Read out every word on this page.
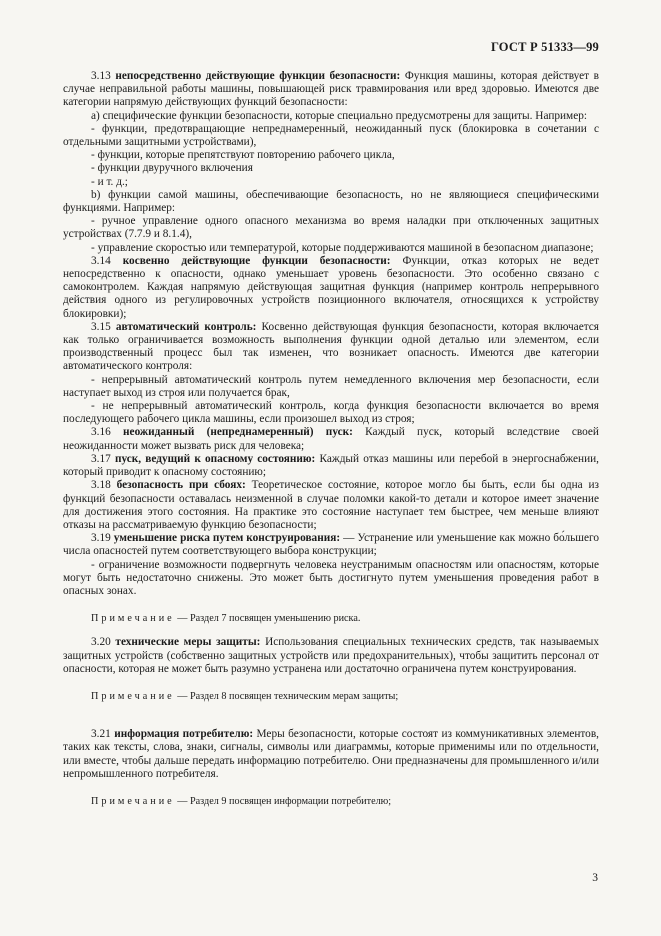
ГОСТ Р 51333—99

3.13 непосредственно действующие функции безопасности: Функция машины, которая действует в случае неправильной работы машины, повышающей риск травмирования или вред здоровью. Имеются две категории напрямую действующих функций безопасности:

а) специфические функции безопасности, которые специально предусмотрены для защиты. Например:

- функции, предотвращающие непреднамеренный, неожиданный пуск (блокировка в сочетании с отдельными защитными устройствами),

- функции, которые препятствуют повторению рабочего цикла,

- функции двуручного включения

- и т. д.;

b) функции самой машины, обеспечивающие безопасность, но не являющиеся специфическими функциями. Например:

- ручное управление одного опасного механизма во время наладки при отключенных защитных устройствах (7.7.9 и 8.1.4),

- управление скоростью или температурой, которые поддерживаются машиной в безопасном диапазоне;

3.14 косвенно действующие функции безопасности: Функции, отказ которых не ведет непосредственно к опасности, однако уменьшает уровень безопасности. Это особенно связано с самоконтролем. Каждая напрямую действующая защитная функция (например контроль непрерывного действия одного из регулировочных устройств позиционного включателя, относящихся к устройству блокировки);

3.15 автоматический контроль: Косвенно действующая функция безопасности, которая включается как только ограничивается возможность выполнения функции одной деталью или элементом, если производственный процесс был так изменен, что возникает опасность. Имеются две категории автоматического контроля:

- непрерывный автоматический контроль путем немедленного включения мер безопасности, если наступает выход из строя или получается брак,

- не непрерывный автоматический контроль, когда функция безопасности включается во время последующего рабочего цикла машины, если произошел выход из строя;

3.16 неожиданный (непреднамеренный) пуск: Каждый пуск, который вследствие своей неожиданности может вызвать риск для человека;

3.17 пуск, ведущий к опасному состоянию: Каждый отказ машины или перебой в энергоснабжении, который приводит к опасному состоянию;

3.18 безопасность при сбоях: Теоретическое состояние, которое могло бы быть, если бы одна из функций безопасности оставалась неизменной в случае поломки какой-то детали и которое имеет значение для достижения этого состояния. На практике это состояние наступает тем быстрее, чем меньше влияют отказы на рассматриваемую функцию безопасности;

3.19 уменьшение риска путем конструирования: — Устранение или уменьшение как можно бо́льшего числа опасностей путем соответствующего выбора конструкции;

- ограничение возможности подвергнуть человека неустранимым опасностям или опасностям, которые могут быть недостаточно снижены. Это может быть достигнуто путем уменьшения проведения работ в опасных зонах.

Примечание — Раздел 7 посвящен уменьшению риска.

3.20 технические меры защиты: Использования специальных технических средств, так называемых защитных устройств (собственно защитных устройств или предохранительных), чтобы защитить персонал от опасности, которая не может быть разумно устранена или достаточно ограничена путем конструирования.

Примечание — Раздел 8 посвящен техническим мерам защиты;

3.21 информация потребителю: Меры безопасности, которые состоят из коммуникативных элементов, таких как тексты, слова, знаки, сигналы, символы или диаграммы, которые применимы или по отдельности, или вместе, чтобы дальше передать информацию потребителю. Они предназначены для промышленного и/или непромышленного потребителя.

Примечание — Раздел 9 посвящен информации потребителю;

3
